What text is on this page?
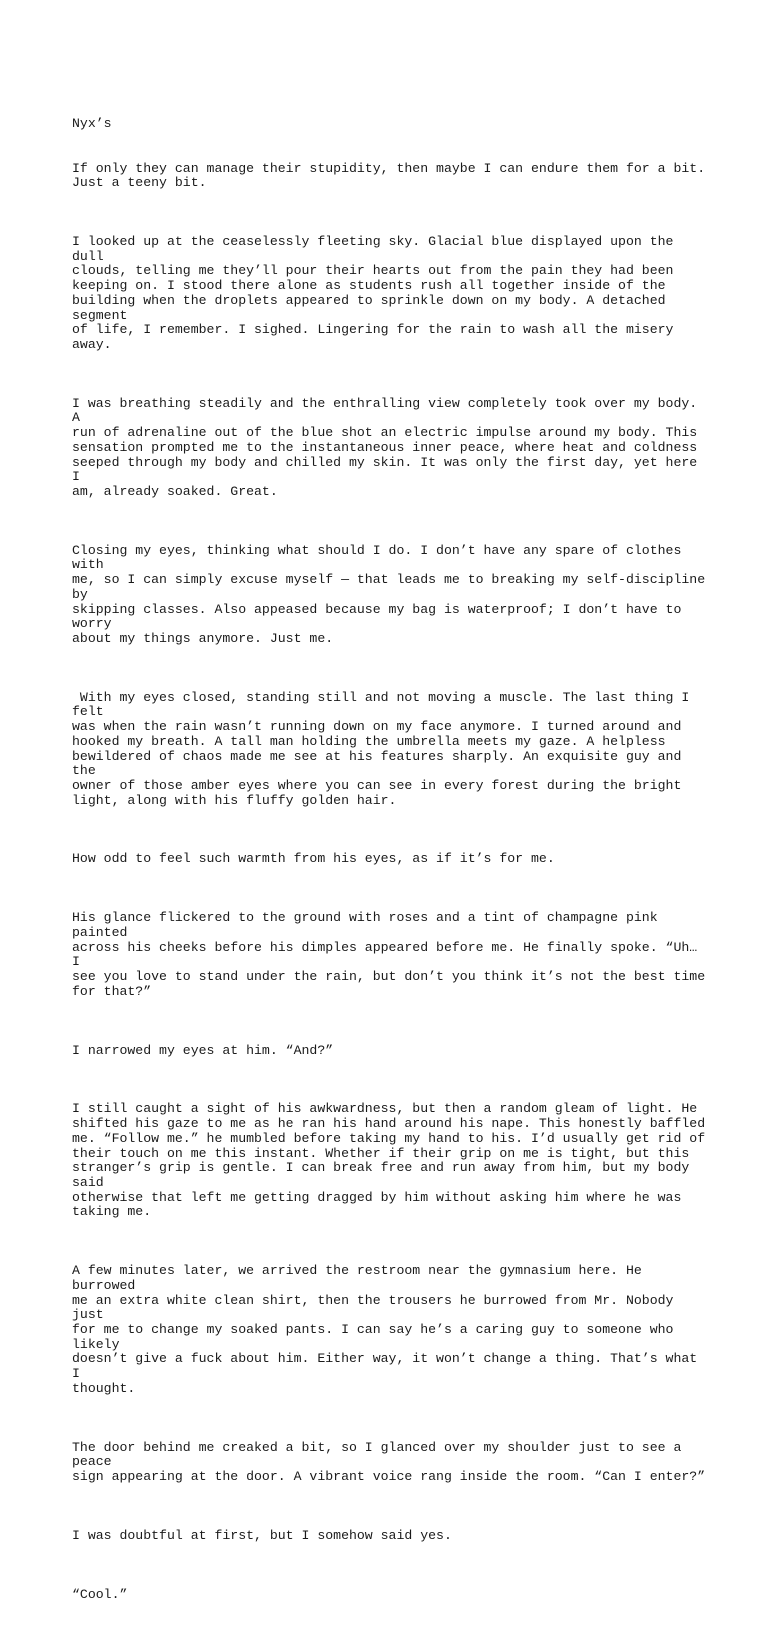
Nyx’s

If only they can manage their stupidity, then maybe I can endure them for a bit.
Just a teeny bit.

I looked up at the ceaselessly fleeting sky. Glacial blue displayed upon the dull
clouds, telling me they’ll pour their hearts out from the pain they had been
keeping on. I stood there alone as students rush all together inside of the
building when the droplets appeared to sprinkle down on my body. A detached segment
of life, I remember. I sighed. Lingering for the rain to wash all the misery away.

I was breathing steadily and the enthralling view completely took over my body. A
run of adrenaline out of the blue shot an electric impulse around my body. This
sensation prompted me to the instantaneous inner peace, where heat and coldness
seeped through my body and chilled my skin. It was only the first day, yet here I
am, already soaked. Great.

Closing my eyes, thinking what should I do. I don’t have any spare of clothes with
me, so I can simply excuse myself — that leads me to breaking my self-discipline by
skipping classes. Also appeased because my bag is waterproof; I don’t have to worry
about my things anymore. Just me.

With my eyes closed, standing still and not moving a muscle. The last thing I felt
was when the rain wasn’t running down on my face anymore. I turned around and
hooked my breath. A tall man holding the umbrella meets my gaze. A helpless
bewildered of chaos made me see at his features sharply. An exquisite guy and the
owner of those amber eyes where you can see in every forest during the bright
light, along with his fluffy golden hair.

How odd to feel such warmth from his eyes, as if it’s for me.

His glance flickered to the ground with roses and a tint of champagne pink painted
across his cheeks before his dimples appeared before me. He finally spoke. “Uh… I
see you love to stand under the rain, but don’t you think it’s not the best time
for that?”

I narrowed my eyes at him. “And?”

I still caught a sight of his awkwardness, but then a random gleam of light. He
shifted his gaze to me as he ran his hand around his nape. This honestly baffled
me. “Follow me.” he mumbled before taking my hand to his. I’d usually get rid of
their touch on me this instant. Whether if their grip on me is tight, but this
stranger’s grip is gentle. I can break free and run away from him, but my body said
otherwise that left me getting dragged by him without asking him where he was
taking me.

A few minutes later, we arrived the restroom near the gymnasium here. He burrowed
me an extra white clean shirt, then the trousers he burrowed from Mr. Nobody just
for me to change my soaked pants. I can say he’s a caring guy to someone who likely
doesn’t give a fuck about him. Either way, it won’t change a thing. That’s what I
thought.

The door behind me creaked a bit, so I glanced over my shoulder just to see a peace
sign appearing at the door. A vibrant voice rang inside the room. “Can I enter?”

I was doubtful at first, but I somehow said yes.

“Cool.”
